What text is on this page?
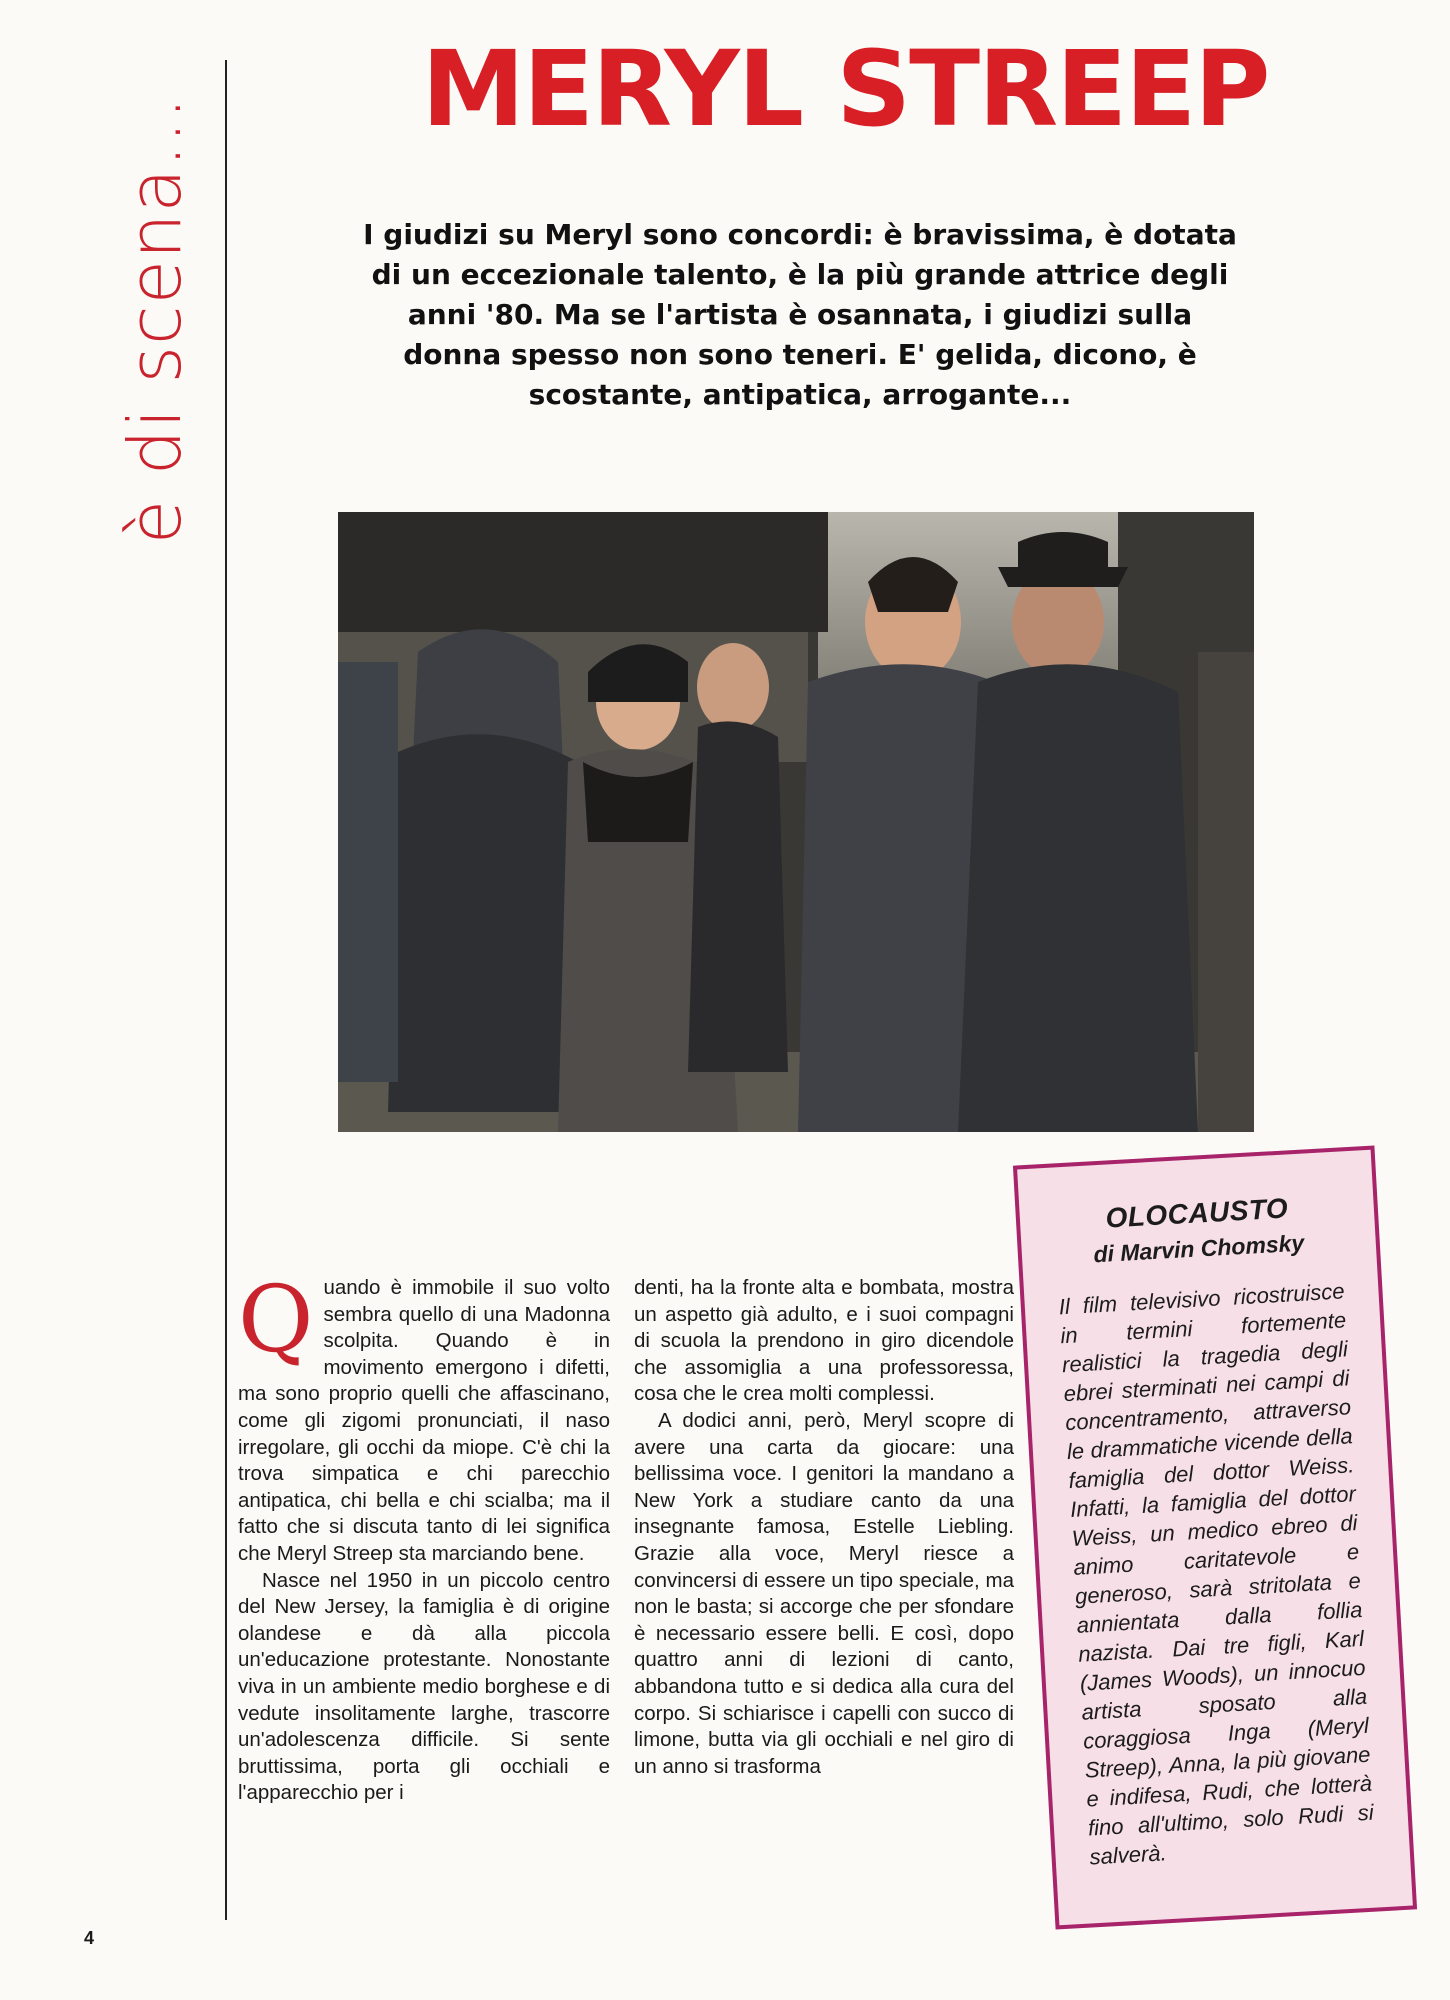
è di scena...
MERYL STREEP

I giudizi su Meryl sono concordi: è bravissima, è dotata di un eccezionale talento, è la più grande attrice degli anni '80. Ma se l'artista è osannata, i giudizi sulla donna spesso non sono teneri. E' gelida, dicono, è scostante, antipatica, arrogante...

Quando è immobile il suo volto sembra quello di una Madonna scolpita. Quando è in movimento emergono i difetti, ma sono proprio quelli che affascinano, come gli zigomi pronunciati, il naso irregolare, gli occhi da miope. C'è chi la trova simpatica e chi parecchio antipatica, chi bella e chi scialba; ma il fatto che si discuta tanto di lei significa che Meryl Streep sta marciando bene.

Nasce nel 1950 in un piccolo centro del New Jersey, la famiglia è di origine olandese e dà alla piccola un'educazione protestante. Nonostante viva in un ambiente medio borghese e di vedute insolitamente larghe, trascorre un'adolescenza difficile. Si sente bruttissima, porta gli occhiali e l'apparecchio per i

denti, ha la fronte alta e bombata, mostra un aspetto già adulto, e i suoi compagni di scuola la prendono in giro dicendole che assomiglia a una professoressa, cosa che le crea molti complessi.

A dodici anni, però, Meryl scopre di avere una carta da giocare: una bellissima voce. I genitori la mandano a New York a studiare canto da una insegnante famosa, Estelle Liebling. Grazie alla voce, Meryl riesce a convincersi di essere un tipo speciale, ma non le basta; si accorge che per sfondare è necessario essere belli. E così, dopo quattro anni di lezioni di canto, abbandona tutto e si dedica alla cura del corpo. Si schiarisce i capelli con succo di limone, butta via gli occhiali e nel giro di un anno si trasforma

OLOCAUSTO

di Marvin Chomsky

Il film televisivo ricostruisce in termini fortemente realistici la tragedia degli ebrei sterminati nei campi di concentramento, attraverso le drammatiche vicende della famiglia del dottor Weiss. Infatti, la famiglia del dottor Weiss, un medico ebreo di animo caritatevole e generoso, sarà stritolata e annientata dalla follia nazista. Dai tre figli, Karl (James Woods), un innocuo artista sposato alla coraggiosa Inga (Meryl Streep), Anna, la più giovane e indifesa, Rudi, che lotterà fino all'ultimo, solo Rudi si salverà.

4
